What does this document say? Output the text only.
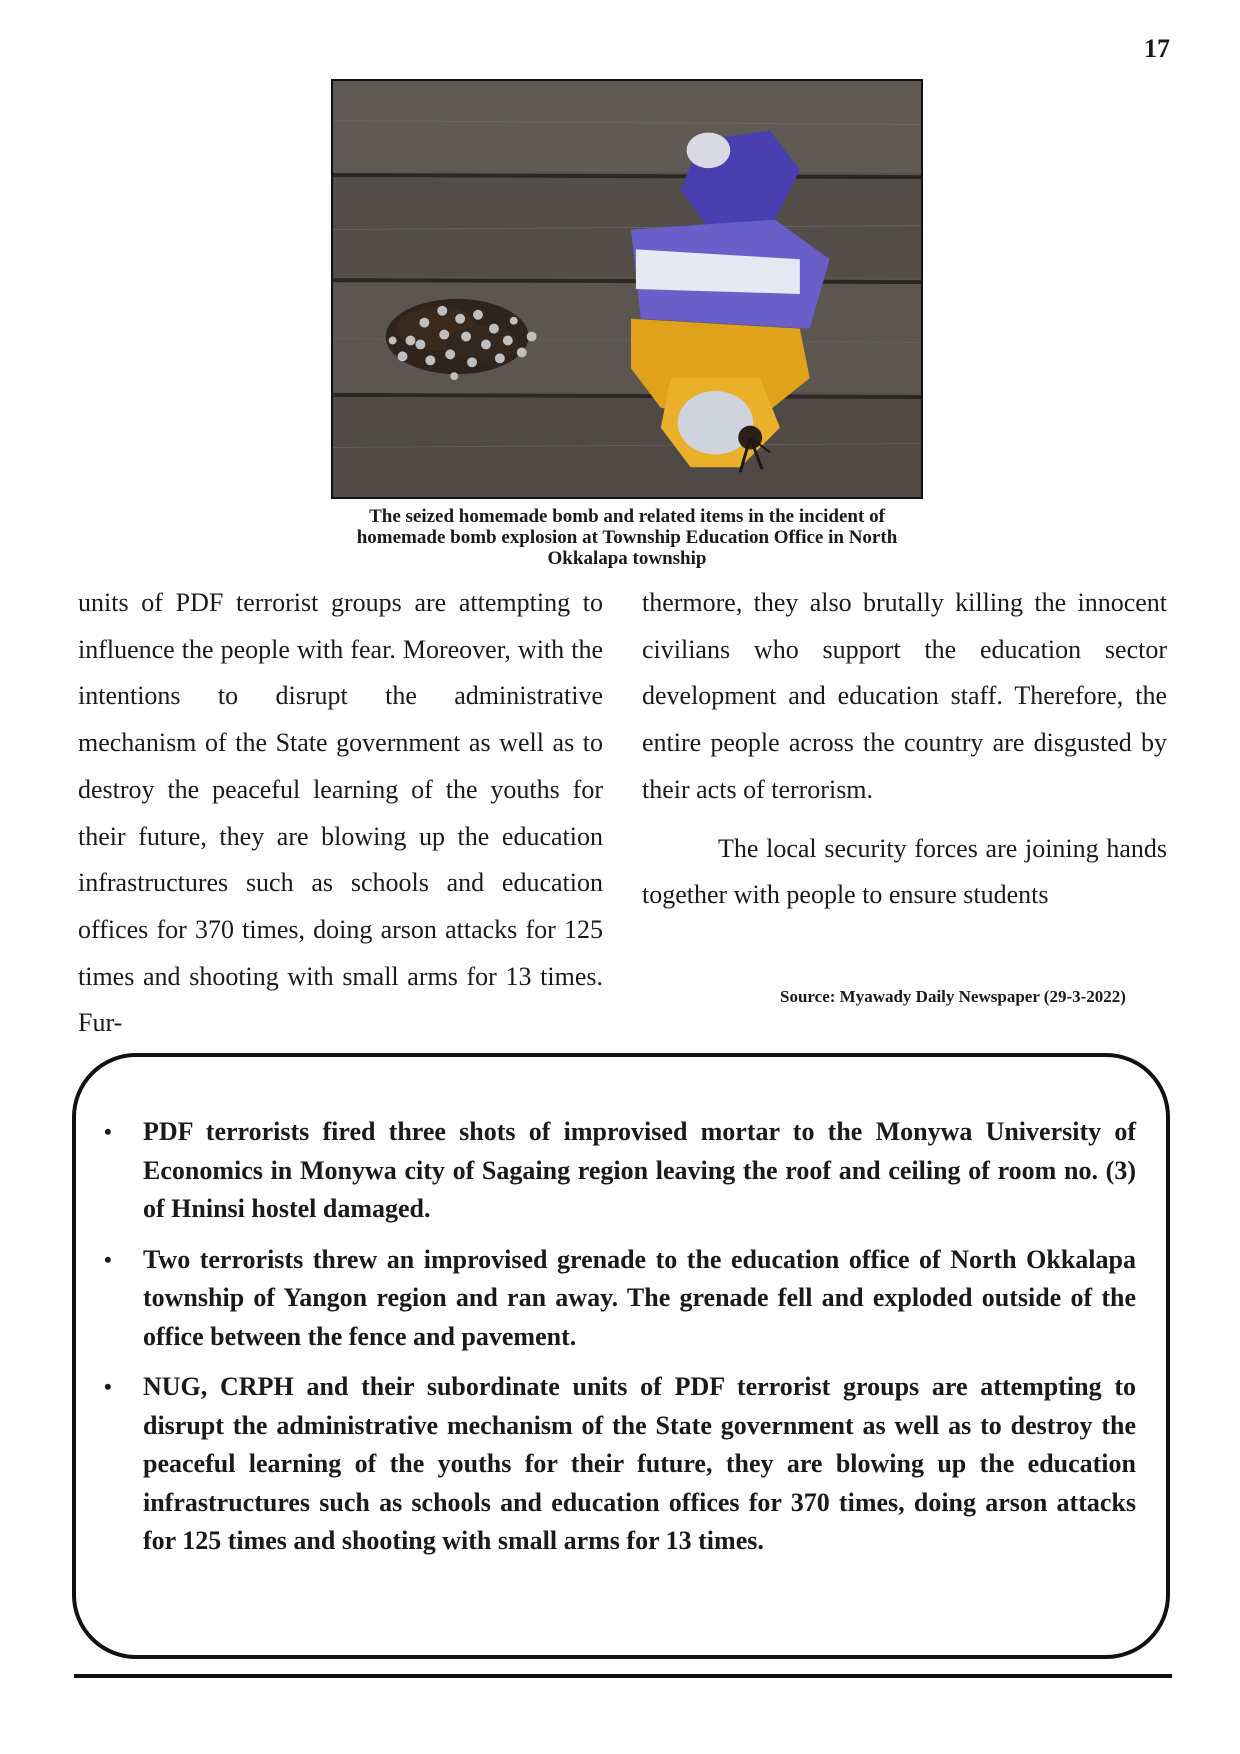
17
The seized homemade bomb and related items in the incident of homemade bomb explosion at Township Education Office in North Okkalapa township

units of PDF terrorist groups are attempting to influence the people with fear. Moreover, with the intentions to disrupt the administrative mechanism of the State government as well as to destroy the peaceful learning of the youths for their future, they are blowing up the education infrastructures such as schools and education offices for 370 times, doing arson attacks for 125 times and shooting with small arms for 13 times. Fur-

thermore, they also brutally killing the innocent civilians who support the education sector development and education staff. Therefore, the entire people across the country are disgusted by their acts of terrorism.

The local security forces are joining hands together with people to ensure students

Source: Myawady Daily Newspaper (29-3-2022)
• PDF terrorists fired three shots of improvised mortar to the Monywa University of Economics in Monywa city of Sagaing region leaving the roof and ceiling of room no. (3) of Hninsi hostel damaged.
• Two terrorists threw an improvised grenade to the education office of North Okkalapa township of Yangon region and ran away. The grenade fell and exploded outside of the office between the fence and pavement.
• NUG, CRPH and their subordinate units of PDF terrorist groups are attempting to disrupt the administrative mechanism of the State government as well as to destroy the peaceful learning of the youths for their future, they are blowing up the education infrastructures such as schools and education offices for 370 times, doing arson attacks for 125 times and shooting with small arms for 13 times.
